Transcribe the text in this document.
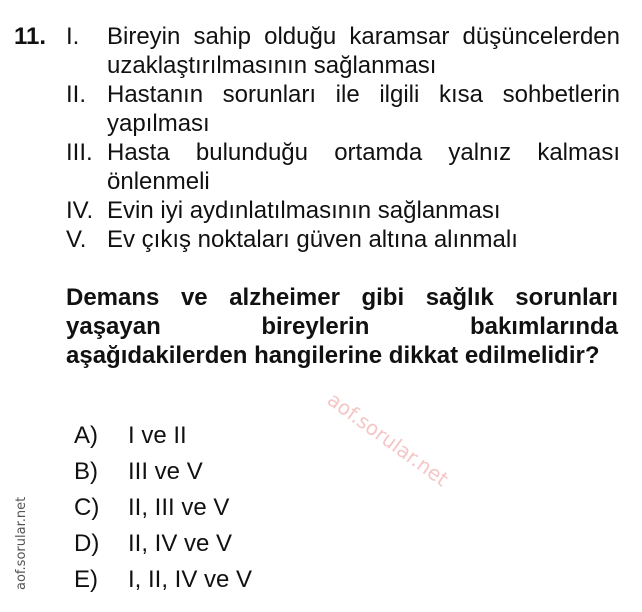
11. I.	Bireyin sahip olduğu karamsar düşüncelerden uzaklaştırılmasının sağlanması
II. Hastanın sorunları ile ilgili kısa sohbetlerin yapılması
III. Hasta bulunduğu ortamda yalnız kalması önlenmeli
IV. Evin iyi aydınlatılmasının sağlanması
V. Ev çıkış noktaları güven altına alınmalı
Demans ve alzheimer gibi sağlık sorunları yaşayan bireylerin bakımlarında aşağıdakilerden hangilerine dikkat edilmelidir?
A)	I ve II
B)	III ve V
C)	II, III ve V
D)	II, IV ve V
E)	I, II, IV ve V
aof.sorular.net
aof.sorular.net
